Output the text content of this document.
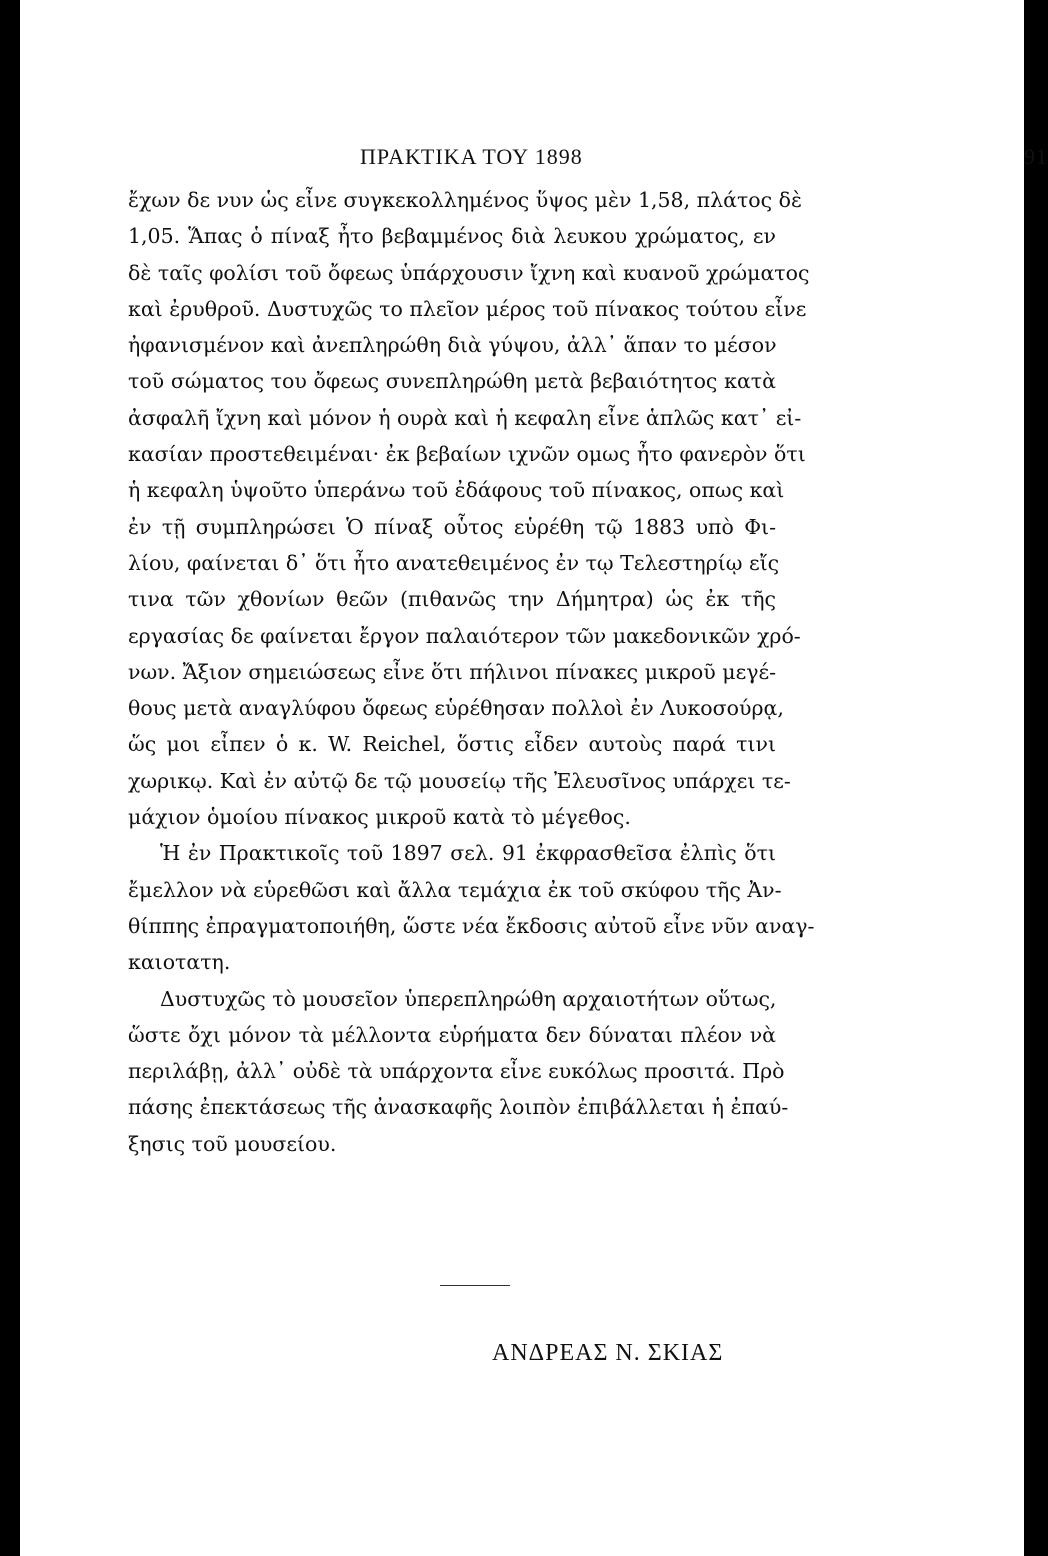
ΠΡΑΚΤΙΚΑ ΤΟΥ 1898	91
ἔχων δε νυν ὡς εἶνε συγκεκολλημένος ὕψος μὲν 1,58, πλάτος δὲ
1,05. Ἅπας ὁ πίναξ ἦτο βεβαμμένος διὰ λευκου χρώματος, εν
δὲ ταῖς φολίσι τοῦ ὄφεως ὑπάρχουσιν ἴχνη καὶ κυανοῦ χρώματος
καὶ ἐρυθροῦ. Δυστυχῶς το πλεῖον μέρος τοῦ πίνακος τούτου εἶνε
ἠφανισμένον καὶ ἀνεπληρώθη διὰ γύψου, ἀλλ᾽ ἅπαν το μέσον
τοῦ σώματος του ὄφεως συνεπληρώθη μετὰ βεβαιότητος κατὰ
ἀσφαλῆ ἴχνη καὶ μόνον ἡ ουρὰ καὶ ἡ κεφαλη εἶνε ἁπλῶς κατ᾽ εἰ-
κασίαν προστεθειμέναι· ἐκ βεβαίων ιχνῶν ομως ἦτο φανερὸν ὅτι
ἡ κεφαλη ὑψοῦτο ὑπεράνω τοῦ ἐδάφους τοῦ πίνακος, οπως καὶ
ἐν τῇ συμπληρώσει Ὁ πίναξ οὗτος εὑρέθη τῷ 1883 υπὸ Φι-
λίου, φαίνεται δ᾽ ὅτι ἦτο ανατεθειμένος ἐν τῳ Τελεστηρίῳ εἴς
τινα τῶν χθονίων θεῶν (πιθανῶς την Δήμητρα) ὡς ἐκ τῆς
εργασίας δε φαίνεται ἔργον παλαιότερον τῶν μακεδονικῶν χρό-
νων. Ἄξιον σημειώσεως εἶνε ὅτι πήλινοι πίνακες μικροῦ μεγέ-
θους μετὰ αναγλύφου ὄφεως εὑρέθησαν πολλοὶ ἐν Λυκοσούρᾳ,
ὥς μοι εἶπεν ὁ κ. W. Reichel, ὅστις εἶδεν αυτοὺς παρά τινι
χωρικῳ. Καὶ ἐν αὐτῷ δε τῷ μουσείῳ τῆς Ἐλευσῖνος υπάρχει τε-
μάχιον ὁμοίου πίνακος μικροῦ κατὰ τὸ μέγεθος.
Ἡ ἐν Πρακτικοῖς τοῦ 1897 σελ. 91 ἐκφρασθεῖσα ἐλπὶς ὅτι
ἔμελλον νὰ εὑρεθῶσι καὶ ἄλλα τεμάχια ἐκ τοῦ σκύφου τῆς Ἀν-
θίππης ἐπραγματοποιήθη, ὥστε νέα ἔκδοσις αὐτοῦ εἶνε νῦν αναγ-
καιοτατη.
Δυστυχῶς τὸ μουσεῖον ὑπερεπληρώθη αρχαιοτήτων οὕτως,
ὥστε ὄχι μόνον τὰ μέλλοντα εὑρήματα δεν δύναται πλέον νὰ
περιλάβῃ, ἀλλ᾽ οὐδὲ τὰ υπάρχοντα εἶνε ευκόλως προσιτά. Πρὸ
πάσης ἐπεκτάσεως τῆς ἀνασκαφῆς λοιπὸν ἐπιβάλλεται ἡ ἐπαύ-
ξησις τοῦ μουσείου.
ΑΝΔΡΕΑΣ Ν. ΣΚΙΑΣ
